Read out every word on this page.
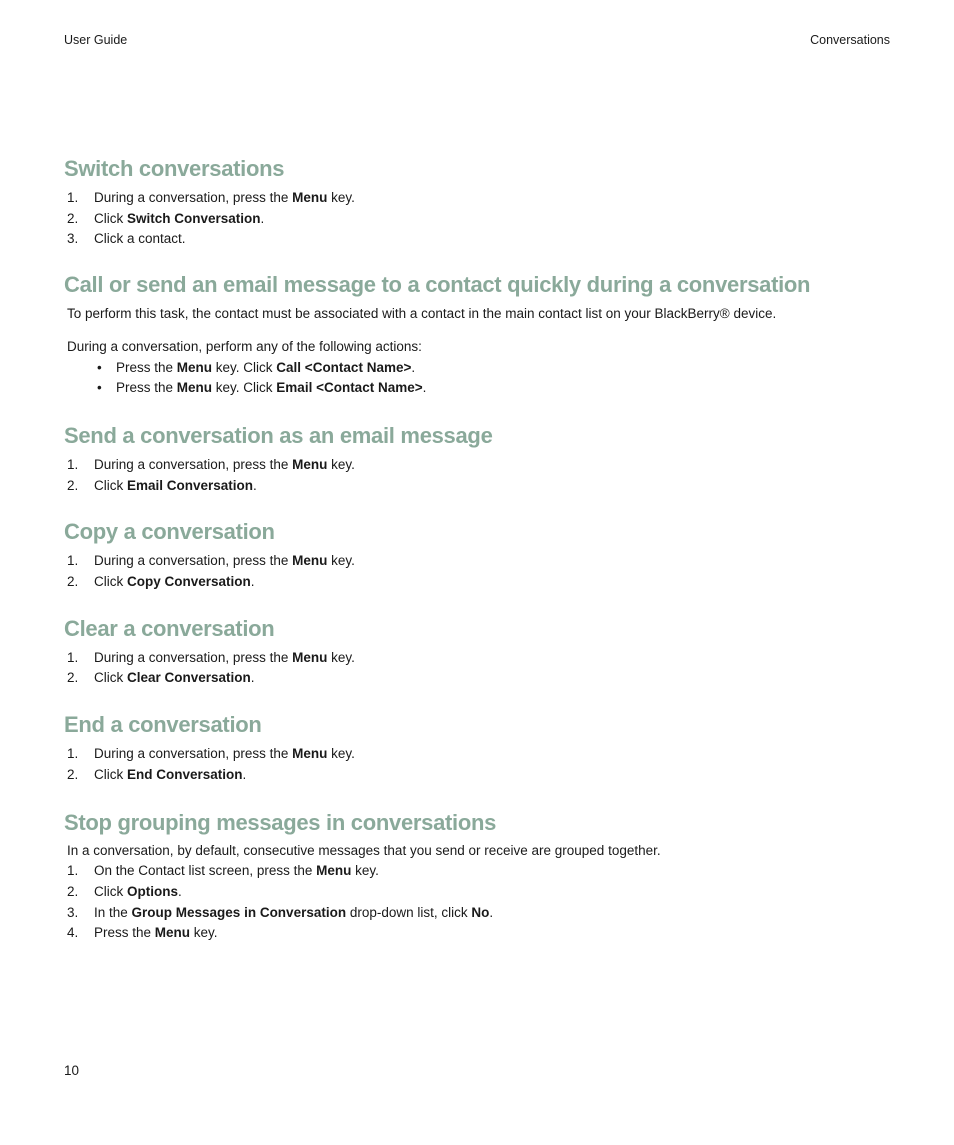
User Guide	Conversations
Switch conversations
1. During a conversation, press the Menu key.
2. Click Switch Conversation.
3. Click a contact.
Call or send an email message to a contact quickly during a conversation

To perform this task, the contact must be associated with a contact in the main contact list on your BlackBerry® device.

During a conversation, perform any of the following actions:

• Press the Menu key. Click Call <Contact Name>.
• Press the Menu key. Click Email <Contact Name>.
Send a conversation as an email message
1. During a conversation, press the Menu key.
2. Click Email Conversation.
Copy a conversation
1. During a conversation, press the Menu key.
2. Click Copy Conversation.
Clear a conversation
1. During a conversation, press the Menu key.
2. Click Clear Conversation.
End a conversation
1. During a conversation, press the Menu key.
2. Click End Conversation.
Stop grouping messages in conversations

In a conversation, by default, consecutive messages that you send or receive are grouped together.

1. On the Contact list screen, press the Menu key.
2. Click Options.
3. In the Group Messages in Conversation drop-down list, click No.
4. Press the Menu key.
10
